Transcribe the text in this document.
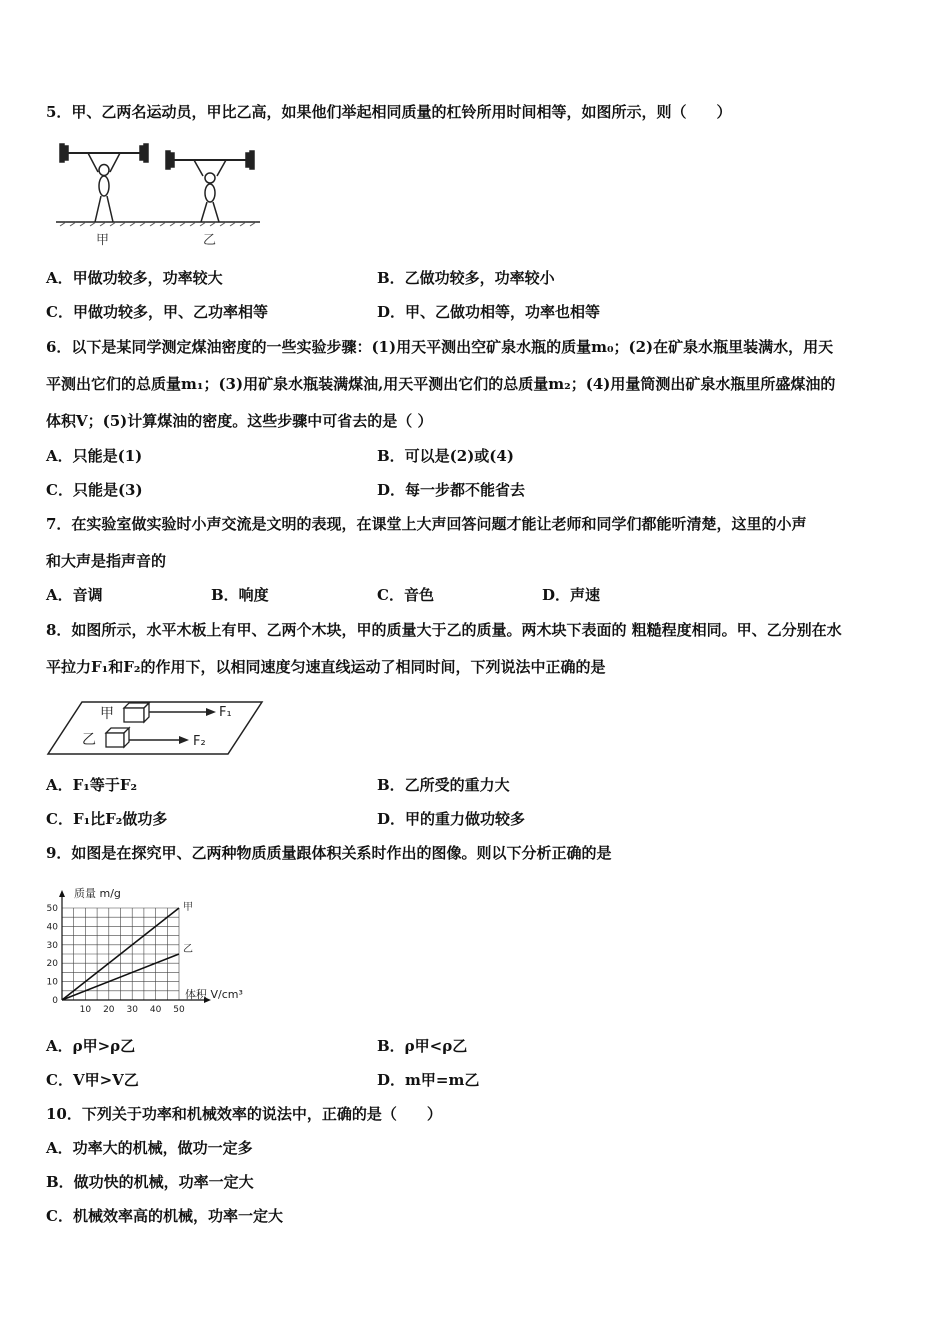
5．甲、乙两名运动员，甲比乙高，如果他们举起相同质量的杠铃所用时间相等，如图所示，则（　　）
甲	乙
A．甲做功较多，功率较大	B．乙做功较多，功率较小
C．甲做功较多，甲、乙功率相等	D．甲、乙做功相等，功率也相等
6．以下是某同学测定煤油密度的一些实验步骤：(1)用天平测出空矿泉水瓶的质量m₀；(2)在矿泉水瓶里装满水，用天
平测出它们的总质量m₁；(3)用矿泉水瓶装满煤油,用天平测出它们的总质量m₂；(4)用量筒测出矿泉水瓶里所盛煤油的
体积V；(5)计算煤油的密度。这些步骤中可省去的是（ ）
A．只能是(1)	B．可以是(2)或(4)
C．只能是(3)	D．每一步都不能省去
7．在实验室做实验时小声交流是文明的表现，在课堂上大声回答问题才能让老师和同学们都能听清楚，这里的小声
和大声是指声音的
A．音调	B．响度	C．音色	D．声速
8．如图所示，水平木板上有甲、乙两个木块，甲的质量大于乙的质量。两木块下表面的 粗糙程度相同。甲、乙分别在水
平拉力F₁和F₂的作用下，以相同速度匀速直线运动了相同时间，下列说法中正确的是
甲
乙
F₁
F₂
A．F₁等于F₂	B．乙所受的重力大
C．F₁比F₂做功多	D．甲的重力做功较多
9．如图是在探究甲、乙两种物质质量跟体积关系时作出的图像。则以下分析正确的是
0
10
20
30
40
50
10 20 30 40 50
甲
乙
质量 m/g
体积 V/cm³
A．ρ甲>ρ乙	B．ρ甲<ρ乙
C．V甲>V乙	D．m甲=m乙
10．下列关于功率和机械效率的说法中，正确的是（　　）
A．功率大的机械，做功一定多
B．做功快的机械，功率一定大
C．机械效率高的机械，功率一定大
